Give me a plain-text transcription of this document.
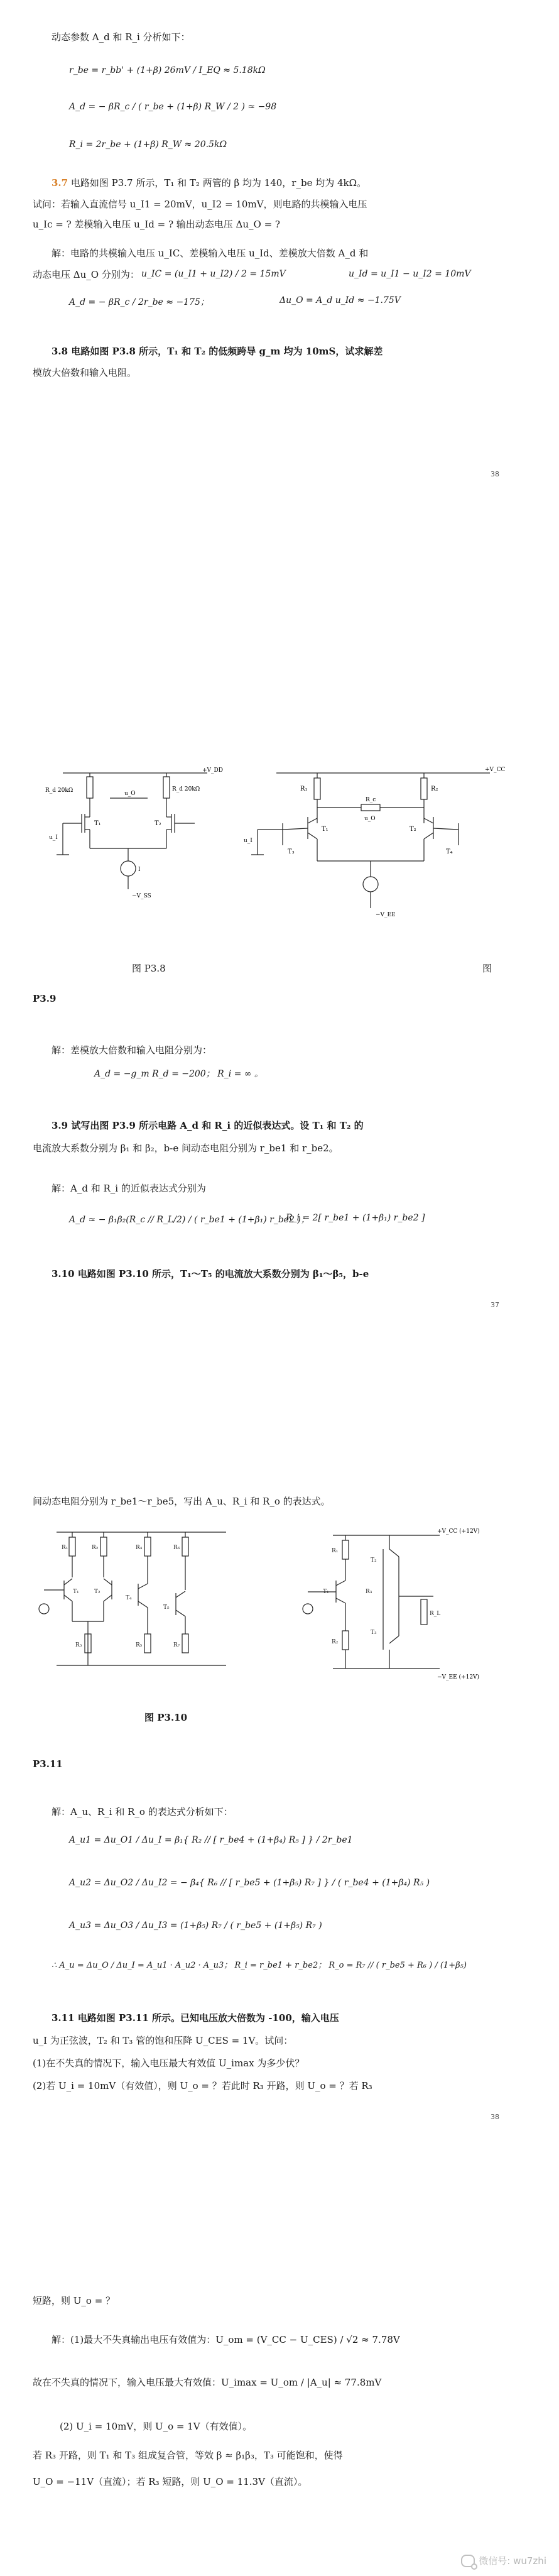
动态参数 A_d 和 R_i 分析如下：
r_be = r_bb' + (1+β) 26mV / I_EQ ≈ 5.18kΩ
A_d = − βR_c / ( r_be + (1+β) R_W / 2 ) ≈ −98
R_i = 2r_be + (1+β) R_W ≈ 20.5kΩ
3.7 电路如图 P3.7 所示，T₁ 和 T₂ 两管的 β 均为 140，r_be 均为 4kΩ。
试问：若输入直流信号 u_I1 = 20mV，u_I2 = 10mV，则电路的共模输入电压
u_Ic = ? 差模输入电压 u_Id = ? 输出动态电压 Δu_O = ?
解：电路的共模输入电压 u_IC、差模输入电压 u_Id、差模放大倍数 A_d 和
动态电压 Δu_O 分别为： u_IC = (u_I1 + u_I2) / 2 = 15mV	u_Id = u_I1 − u_I2 = 10mV
A_d = − βR_c / 2r_be ≈ −175；	Δu_O = A_d u_Id ≈ −1.75V
3.8 电路如图 P3.8 所示，T₁ 和 T₂ 的低频跨导 g_m 均为 10mS，试求解差
模放大倍数和输入电阻。
38
R_d 20kΩ	R_d 20kΩ
+V_DD
−V_SS
T₁	T₂
u_O
u_I
I
R₁	R₂
R_c
T₁	T₂
T₃	T₄
+V_CC
−V_EE
u_I
u_O
图 P3.8	图
P3.9
解：差模放大倍数和输入电阻分别为：
A_d = −g_m R_d = −200； R_i = ∞ 。
3.9 试写出图 P3.9 所示电路 A_d 和 R_i 的近似表达式。设 T₁ 和 T₂ 的
电流放大系数分别为 β₁ 和 β₂，b-e 间动态电阻分别为 r_be1 和 r_be2。
解：A_d 和 R_i 的近似表达式分别为
A_d ≈ − β₁β₂(R_c // R_L/2) / ( r_be1 + (1+β₁) r_be2 )；
R_i = 2[ r_be1 + (1+β₁) r_be2 ]
3.10 电路如图 P3.10 所示，T₁～T₅ 的电流放大系数分别为 β₁～β₅，b-e
37
间动态电阻分别为 r_be1～r_be5，写出 A_u、R_i 和 R_o 的表达式。
R₁	R₂	R₄	R₆
T₁	T₂
T₄
T₅
R₃	R₅	R₇
R₁
T₁
R₂
T₂
T₃
R₃
R_L
+V_CC (+12V)
−V_EE (+12V)
图 P3.10
P3.11
解：A_u、R_i 和 R_o 的表达式分析如下：
A_u1 = Δu_O1 / Δu_I = β₁{ R₂ // [ r_be4 + (1+β₄) R₅ ] } / 2r_be1
A_u2 = Δu_O2 / Δu_I2 = − β₄{ R₆ // [ r_be5 + (1+β₅) R₇ ] } / ( r_be4 + (1+β₄) R₅ )
A_u3 = Δu_O3 / Δu_I3 = (1+β₅) R₇ / ( r_be5 + (1+β₅) R₇ )
∴ A_u = Δu_O / Δu_I = A_u1 · A_u2 · A_u3； R_i = r_be1 + r_be2； R_o = R₇ // ( r_be5 + R₆ ) / (1+β₅)
3.11 电路如图 P3.11 所示。已知电压放大倍数为 -100，输入电压
u_I 为正弦波，T₂ 和 T₃ 管的饱和压降 U_CES = 1V。试问：
(1)在不失真的情况下，输入电压最大有效值 U_imax 为多少伏？
(2)若 U_i = 10mV（有效值），则 U_o = ？若此时 R₃ 开路，则 U_o = ？若 R₃
38
短路，则 U_o = ？
解：(1)最大不失真输出电压有效值为：U_om = (V_CC − U_CES) / √2 ≈ 7.78V
故在不失真的情况下，输入电压最大有效值：U_imax = U_om / |A_u| ≈ 77.8mV
(2) U_i = 10mV，则 U_o = 1V（有效值）。
若 R₃ 开路，则 T₁ 和 T₃ 组成复合管，等效 β ≈ β₁β₃，T₃ 可能饱和，使得
U_O = −11V（直流）；若 R₃ 短路，则 U_O = 11.3V（直流）。
微信号: wu7zhi
